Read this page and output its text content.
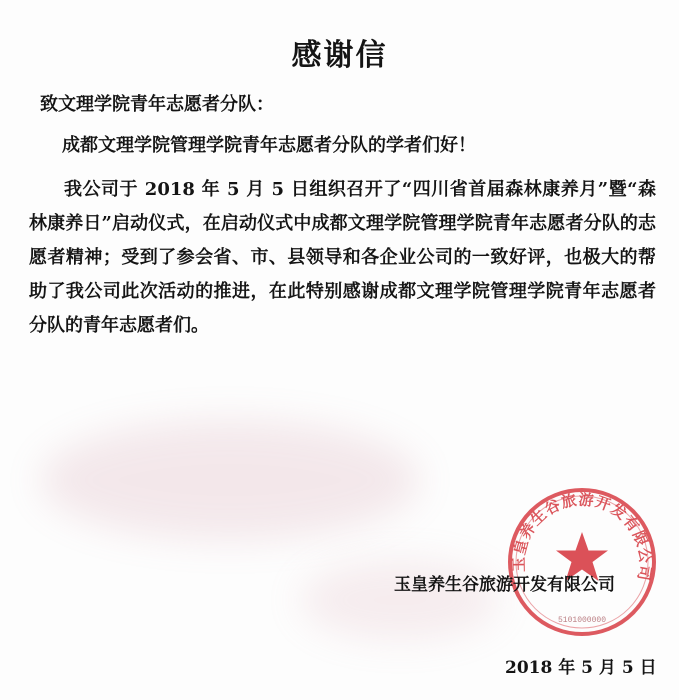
感谢信
致文理学院青年志愿者分队：
成都文理学院管理学院青年志愿者分队的学者们好！

我公司于 2018 年 5 月 5 日组织召开了“四川省首届森林康养月”暨“森林康养日”启动仪式，在启动仪式中成都文理学院管理学院青年志愿者分队的志愿者精神；受到了参会省、市、县领导和各企业公司的一致好评，也极大的帮助了我公司此次活动的推进，在此特别感谢成都文理学院管理学院青年志愿者分队的青年志愿者们。

玉皇养生谷旅游开发有限公司
5101000000
玉皇养生谷旅游开发有限公司
2018 年 5 月 5 日
